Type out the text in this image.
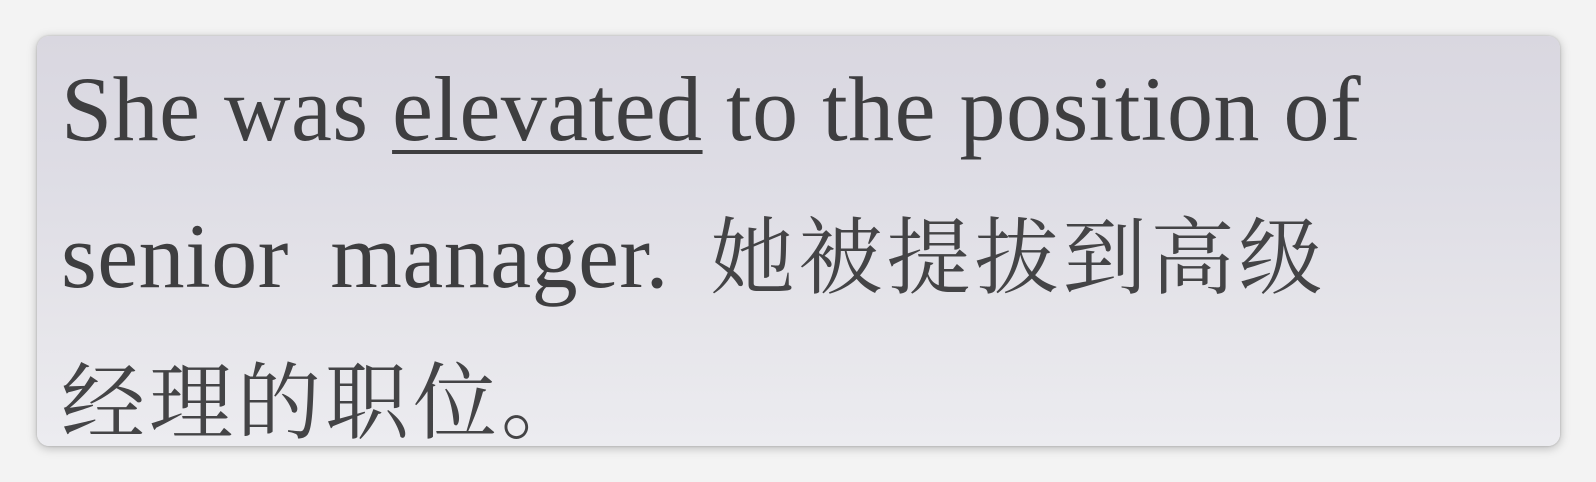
She was elevated to the position of
senior manager. 她被提拔到高级
经理的职位。
